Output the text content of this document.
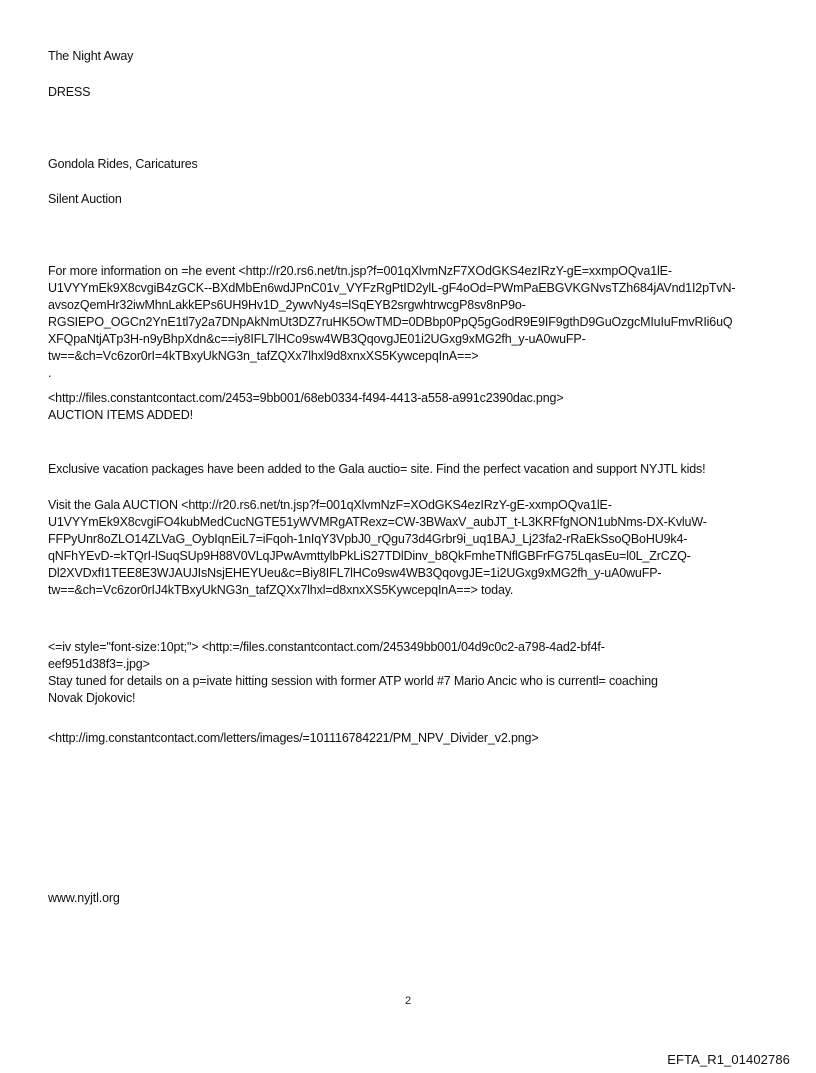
The Night Away
DRESS
Gondola Rides, Caricatures
Silent Auction
For more information on =he event <http://r20.rs6.net/tn.jsp?f=001qXlvmNzF7XOdGKS4ezIRzY-gE=xxmpOQva1lE-
U1VYYmEk9X8cvgiB4zGCK--BXdMbEn6wdJPnC01v_VYFzRgPtID2ylL-gF4oOd=PWmPaEBGVKGNvsTZh684jAVnd1I2pTvN-
avsozQemHr32iwMhnLakkEPs6UH9Hv1D_2ywvNy4s=lSqEYB2srgwhtrwcgP8sv8nP9o-
RGSIEPO_OGCn2YnE1tl7y2a7DNpAkNmUt3DZ7ruHK5OwTMD=0DBbp0PpQ5gGodR9E9IF9gthD9GuOzgcMIuIuFmvRIi6uQ
XFQpaNtjATp3H-n9yBhpXdn&c==iy8IFL7lHCo9sw4WB3QqovgJE01i2UGxg9xMG2fh_y-uA0wuFP-
tw==&ch=Vc6zor0rI=4kTBxyUkNG3n_tafZQXx7lhxl9d8xnxXS5KywcepqInA==>
.
<http://files.constantcontact.com/2453=9bb001/68eb0334-f494-4413-a558-a991c2390dac.png>
AUCTION ITEMS ADDED!
Exclusive vacation packages have been added to the Gala auctio= site. Find the perfect vacation and support NYJTL kids!
Visit the Gala AUCTION <http://r20.rs6.net/tn.jsp?f=001qXlvmNzF=XOdGKS4ezIRzY-gE-xxmpOQva1lE-
U1VYYmEk9X8cvgiFO4kubMedCucNGTE51yWVMRgATRexz=CW-3BWaxV_aubJT_t-L3KRFfgNON1ubNms-DX-KvluW-
FFPyUnr8oZLO14ZLVaG_OybIqnEiL7=iFqoh-1nIqY3VpbJ0_rQgu73d4Grbr9i_uq1BAJ_Lj23fa2-rRaEkSsoQBoHU9k4-
qNFhYEvD-=kTQrI-lSuqSUp9H88V0VLqJPwAvmttylbPkLiS27TDlDinv_b8QkFmheTNflGBFrFG75LqasEu=l0L_ZrCZQ-
Dl2XVDxfI1TEE8E3WJAUJIsNsjEHEYUeu&c=Biy8IFL7lHCo9sw4WB3QqovgJE=1i2UGxg9xMG2fh_y-uA0wuFP-
tw==&ch=Vc6zor0rIJ4kTBxyUkNG3n_tafZQXx7lhxl=d8xnxXS5KywcepqInA==> today.
<=iv style="font-size:10pt;"> <http:=/files.constantcontact.com/245349bb001/04d9c0c2-a798-4ad2-bf4f-
eef951d38f3=.jpg>
Stay tuned for details on a p=ivate hitting session with former ATP world #7 Mario Ancic who is currentl= coaching
Novak Djokovic!
<http://img.constantcontact.com/letters/images/=101116784221/PM_NPV_Divider_v2.png>
www.nyjtl.org
2
EFTA_R1_01402786
